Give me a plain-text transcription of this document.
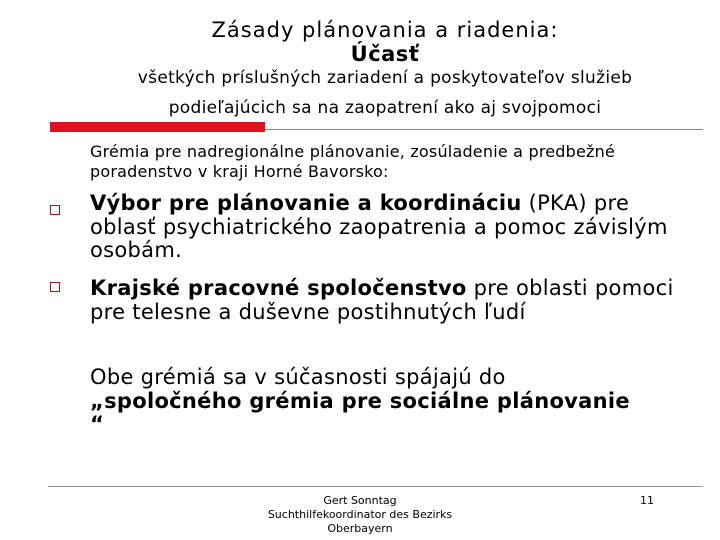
Zásady plánovania a riadenia:
Účasť
všetkých príslušných zariadení a poskytovateľov služieb
podieľajúcich sa na zaopatrení ako aj svojpomoci
Grémia pre nadregionálne plánovanie, zosúladenie a predbežné poradenstvo v kraji Horné Bavorsko:
Výbor pre plánovanie a koordináciu (PKA) pre oblasť psychiatrického zaopatrenia a pomoc závislým osobám.
Krajské pracovné spoločenstvo pre oblasti pomoci pre telesne a duševne postihnutých ľudí
Obe grémiá sa v súčasnosti spájajú do „spoločného grémia pre sociálne plánovanie “
Gert Sonntag
Suchthilfekoordinator des Bezirks
Oberbayern
11
